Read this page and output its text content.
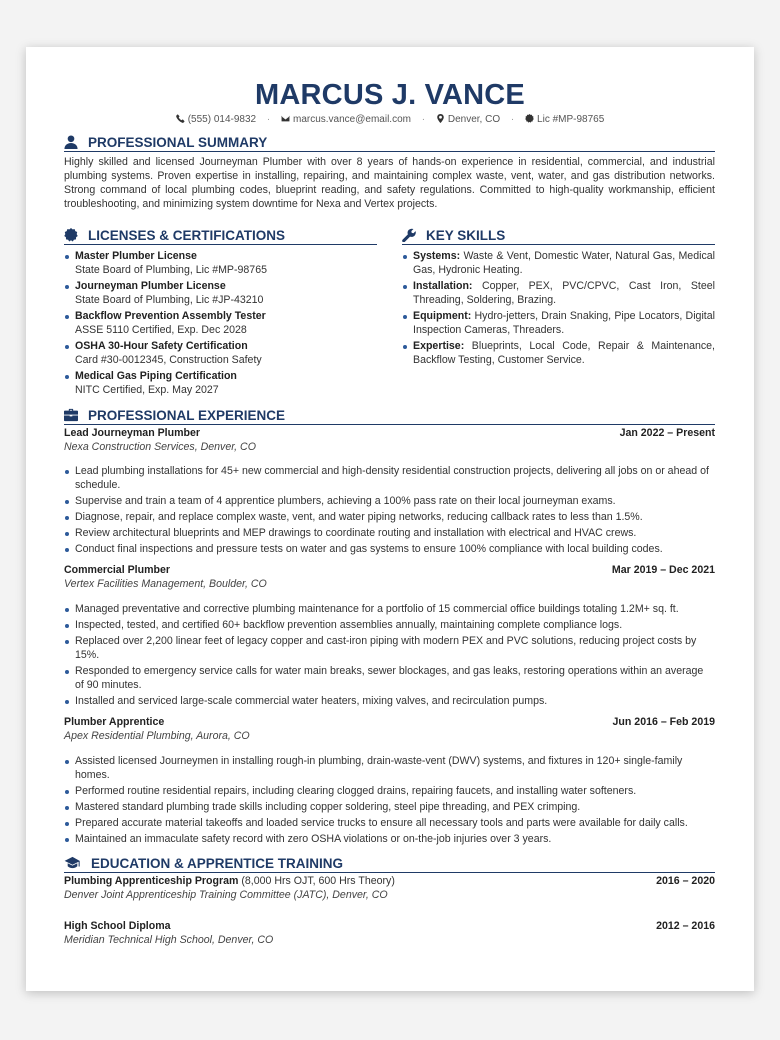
MARCUS J. VANCE
(555) 014-9832 · marcus.vance@email.com · Denver, CO · Lic #MP-98765
PROFESSIONAL SUMMARY
Highly skilled and licensed Journeyman Plumber with over 8 years of hands-on experience in residential, commercial, and industrial plumbing systems. Proven expertise in installing, repairing, and maintaining complex waste, vent, water, and gas distribution networks. Strong command of local plumbing codes, blueprint reading, and safety regulations. Committed to high-quality workmanship, efficient troubleshooting, and minimizing system downtime for Nexa and Vertex projects.
LICENSES & CERTIFICATIONS
Master Plumber License
State Board of Plumbing, Lic #MP-98765
Journeyman Plumber License
State Board of Plumbing, Lic #JP-43210
Backflow Prevention Assembly Tester
ASSE 5110 Certified, Exp. Dec 2028
OSHA 30-Hour Safety Certification
Card #30-0012345, Construction Safety
Medical Gas Piping Certification
NITC Certified, Exp. May 2027
KEY SKILLS
Systems: Waste & Vent, Domestic Water, Natural Gas, Medical Gas, Hydronic Heating.
Installation: Copper, PEX, PVC/CPVC, Cast Iron, Steel Threading, Soldering, Brazing.
Equipment: Hydro-jetters, Drain Snaking, Pipe Locators, Digital Inspection Cameras, Threaders.
Expertise: Blueprints, Local Code, Repair & Maintenance, Backflow Testing, Customer Service.
PROFESSIONAL EXPERIENCE
Lead Journeyman Plumber	Jan 2022 – Present
Nexa Construction Services, Denver, CO
Lead plumbing installations for 45+ new commercial and high-density residential construction projects, delivering all jobs on or ahead of schedule.
Supervise and train a team of 4 apprentice plumbers, achieving a 100% pass rate on their local journeyman exams.
Diagnose, repair, and replace complex waste, vent, and water piping networks, reducing callback rates to less than 1.5%.
Review architectural blueprints and MEP drawings to coordinate routing and installation with electrical and HVAC crews.
Conduct final inspections and pressure tests on water and gas systems to ensure 100% compliance with local building codes.
Commercial Plumber	Mar 2019 – Dec 2021
Vertex Facilities Management, Boulder, CO
Managed preventative and corrective plumbing maintenance for a portfolio of 15 commercial office buildings totaling 1.2M+ sq. ft.
Inspected, tested, and certified 60+ backflow prevention assemblies annually, maintaining complete compliance logs.
Replaced over 2,200 linear feet of legacy copper and cast-iron piping with modern PEX and PVC solutions, reducing project costs by 15%.
Responded to emergency service calls for water main breaks, sewer blockages, and gas leaks, restoring operations within an average of 90 minutes.
Installed and serviced large-scale commercial water heaters, mixing valves, and recirculation pumps.
Plumber Apprentice	Jun 2016 – Feb 2019
Apex Residential Plumbing, Aurora, CO
Assisted licensed Journeymen in installing rough-in plumbing, drain-waste-vent (DWV) systems, and fixtures in 120+ single-family homes.
Performed routine residential repairs, including clearing clogged drains, repairing faucets, and installing water softeners.
Mastered standard plumbing trade skills including copper soldering, steel pipe threading, and PEX crimping.
Prepared accurate material takeoffs and loaded service trucks to ensure all necessary tools and parts were available for daily calls.
Maintained an immaculate safety record with zero OSHA violations or on-the-job injuries over 3 years.
EDUCATION & APPRENTICE TRAINING
Plumbing Apprenticeship Program (8,000 Hrs OJT, 600 Hrs Theory)	2016 – 2020
Denver Joint Apprenticeship Training Committee (JATC), Denver, CO
High School Diploma	2012 – 2016
Meridian Technical High School, Denver, CO
